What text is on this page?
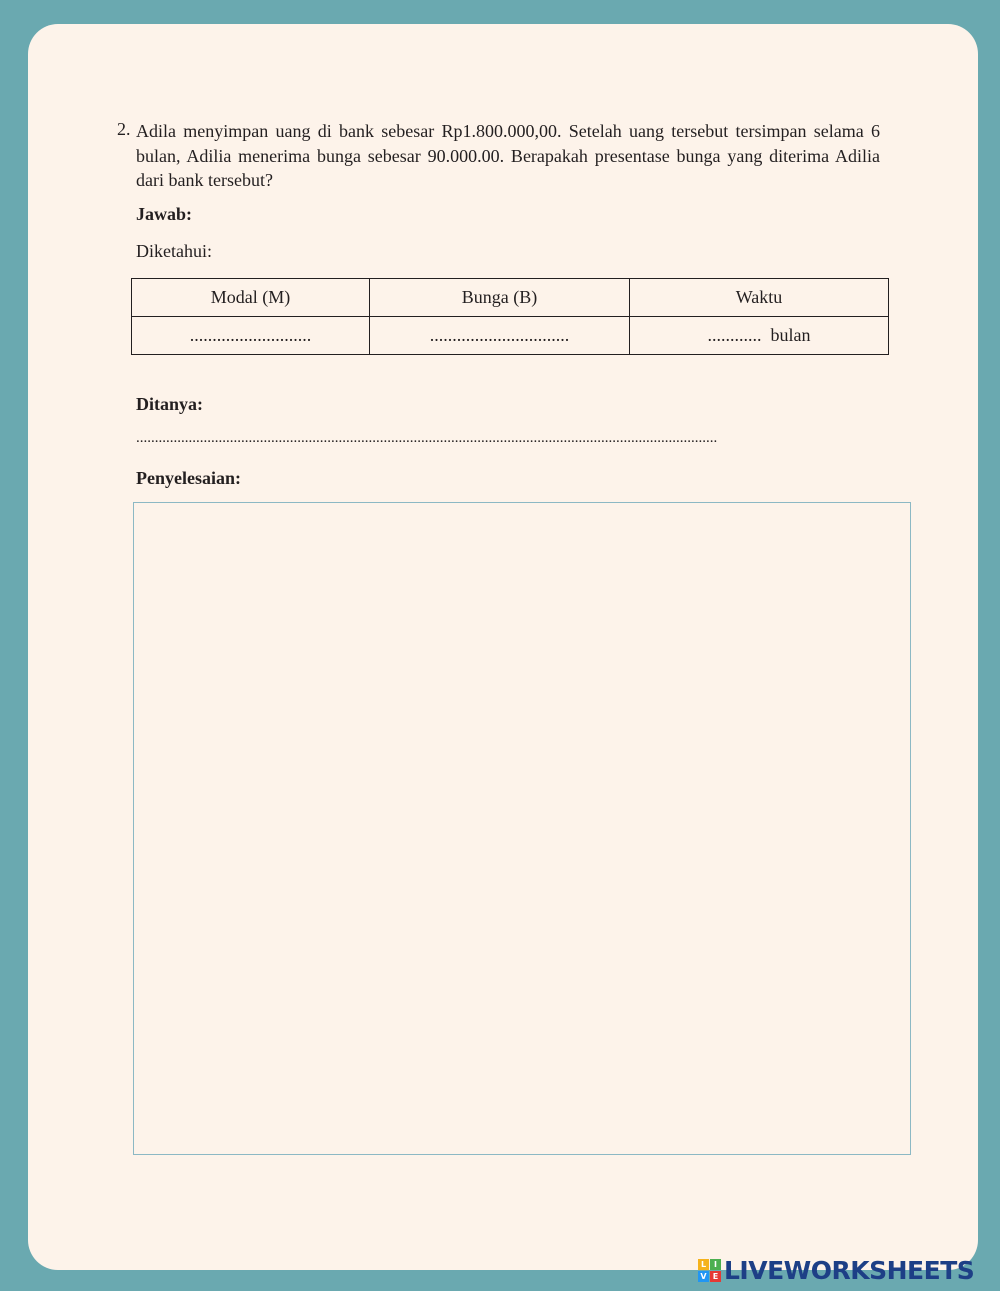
2. Adila menyimpan uang di bank sebesar Rp1.800.000,00. Setelah uang tersebut tersimpan selama 6 bulan, Adilia menerima bunga sebesar 90.000.00. Berapakah presentase bunga yang diterima Adilia dari bank tersebut?
Jawab:
Diketahui:
Modal (M)	Bunga (B)	Waktu
...........................	...............................	............  bulan
Ditanya:
...........................................................................................................................................................
Penyelesaian:
L I
V E LIVEWORKSHEETS
